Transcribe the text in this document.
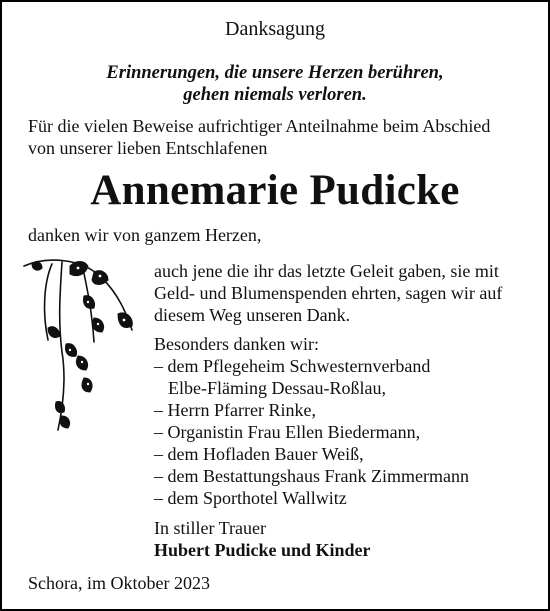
Danksagung
Erinnerungen, die unsere Herzen berühren,
gehen niemals verloren.
Für die vielen Beweise aufrichtiger Anteilnahme beim Abschied
von unserer lieben Entschlafenen
Annemarie Pudicke
danken wir von ganzem Herzen,
auch jene die ihr das letzte Geleit gaben, sie mit
Geld- und Blumenspenden ehrten, sagen wir auf
diesem Weg unseren Dank.
Besonders danken wir:
– dem Pflegeheim Schwesternverband
Elbe-Fläming Dessau-Roßlau,
– Herrn Pfarrer Rinke,
– Organistin Frau Ellen Biedermann,
– dem Hofladen Bauer Weiß,
– dem Bestattungshaus Frank Zimmermann
– dem Sporthotel Wallwitz
In stiller Trauer
Hubert Pudicke und Kinder
Schora, im Oktober 2023
